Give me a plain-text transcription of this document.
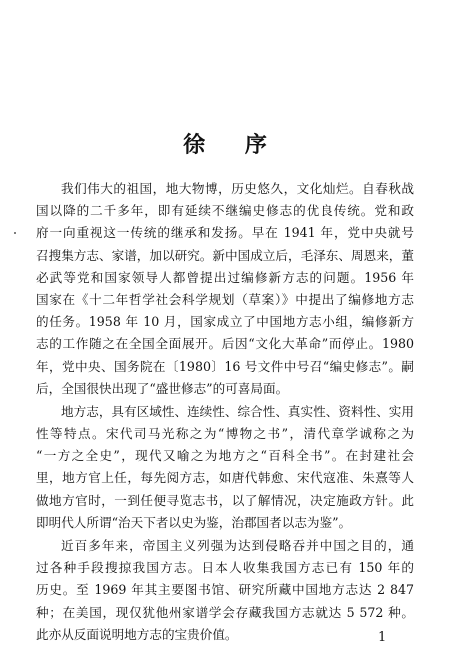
徐 序
我们伟大的祖国，地大物博，历史悠久，文化灿烂。自春秋战
国以降的二千多年，即有延续不继编史修志的优良传统。党和政
府一向重视这一传统的继承和发扬。早在 1941 年，党中央就号
召搜集方志、家谱，加以研究。新中国成立后，毛泽东、周恩来，董
必武等党和国家领导人都曾提出过编修新方志的问题。1956 年
国家在《十二年哲学社会科学规划（草案）》中提出了编修地方志
的任务。1958 年 10 月，国家成立了中国地方志小组，编修新方
志的工作随之在全国全面展开。后因“文化大革命”而停止。1980
年，党中央、国务院在〔1980〕16 号文件中号召“编史修志”。嗣
后，全国很快出现了“盛世修志”的可喜局面。
地方志，具有区域性、连续性、综合性、真实性、资料性、实用
性等特点。宋代司马光称之为“博物之书”，清代章学诚称之为
“一方之全史”，现代又喻之为地方之“百科全书”。在封建社会
里，地方官上任，每先阅方志，如唐代韩愈、宋代寇准、朱熹等人
做地方官时，一到任便寻览志书，以了解情况，决定施政方针。此
即明代人所谓“治天下者以史为鉴，治郡国者以志为鉴”。
近百多年来，帝国主义列强为达到侵略吞并中国之目的，通
过各种手段搜掠我国方志。日本人收集我国方志已有 150 年的
历史。至 1969 年其主要图书馆、研究所藏中国地方志达 2 847
种；在美国，现仅犹他州家谱学会存藏我国方志就达 5 572 种。
此亦从反面说明地方志的宝贵价值。	1
